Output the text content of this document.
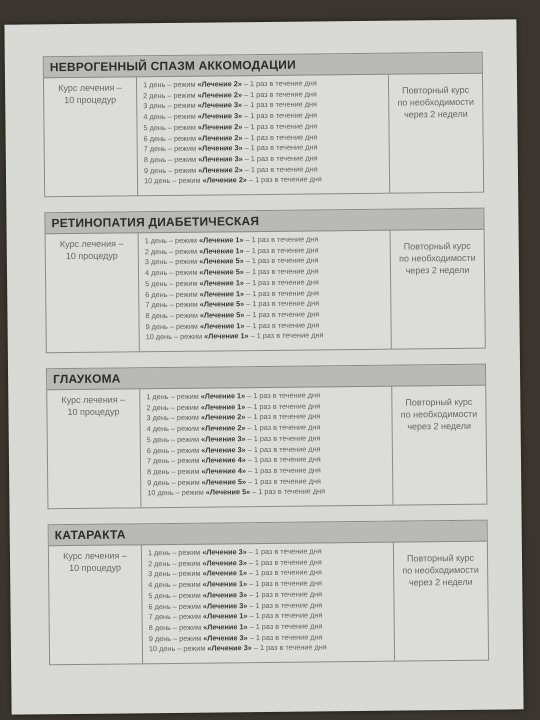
НЕВРОГЕННЫЙ СПАЗМ АККОМОДАЦИИ
Курс лечения –
10 процедур
1 день – режим «Лечение 2» – 1 раз в течение дня
2 день – режим «Лечение 2» – 1 раз в течение дня
3 день – режим «Лечение 3» – 1 раз в течение дня
4 день – режим «Лечение 3» – 1 раз в течение дня
5 день – режим «Лечение 2» – 1 раз в течение дня
6 день – режим «Лечение 2» – 1 раз в течение дня
7 день – режим «Лечение 3» – 1 раз в течение дня
8 день – режим «Лечение 3» – 1 раз в течение дня
9 день – режим «Лечение 2» – 1 раз в течение дня
10 день – режим «Лечение 2» – 1 раз в течение дня
Повторный курс
по необходимости
через 2 недели
РЕТИНОПАТИЯ ДИАБЕТИЧЕСКАЯ
Курс лечения –
10 процедур
1 день – режим «Лечение 1» – 1 раз в течение дня
2 день – режим «Лечение 1» – 1 раз в течение дня
3 день – режим «Лечение 5» – 1 раз в течение дня
4 день – режим «Лечение 5» – 1 раз в течение дня
5 день – режим «Лечение 1» – 1 раз в течение дня
6 день – режим «Лечение 1» – 1 раз в течение дня
7 день – режим «Лечение 5» – 1 раз в течение дня
8 день – режим «Лечение 5» – 1 раз в течение дня
9 день – режим «Лечение 1» – 1 раз в течение дня
10 день – режим «Лечение 1» – 1 раз в течение дня
Повторный курс
по необходимости
через 2 недели
ГЛАУКОМА
Курс лечения –
10 процедур
1 день – режим «Лечение 1» – 1 раз в течение дня
2 день – режим «Лечение 1» – 1 раз в течение дня
3 день – режим «Лечение 2» – 1 раз в течение дня
4 день – режим «Лечение 2» – 1 раз в течение дня
5 день – режим «Лечение 3» – 1 раз в течение дня
6 день – режим «Лечение 3» – 1 раз в течение дня
7 день – режим «Лечение 4» – 1 раз в течение дня
8 день – режим «Лечение 4» – 1 раз в течение дня
9 день – режим «Лечение 5» – 1 раз в течение дня
10 день – режим «Лечение 5» – 1 раз в течение дня
Повторный курс
по необходимости
через 2 недели
КАТАРАКТА
Курс лечения –
10 процедур
1 день – режим «Лечение 3» – 1 раз в течение дня
2 день – режим «Лечение 3» – 1 раз в течение дня
3 день – режим «Лечение 1» – 1 раз в течение дня
4 день – режим «Лечение 1» – 1 раз в течение дня
5 день – режим «Лечение 3» – 1 раз в течение дня
6 день – режим «Лечение 3» – 1 раз в течение дня
7 день – режим «Лечение 1» – 1 раз в течение дня
8 день – режим «Лечение 1» – 1 раз в течение дня
9 день – режим «Лечение 3» – 1 раз в течение дня
10 день – режим «Лечение 3» – 1 раз в течение дня
Повторный курс
по необходимости
через 2 недели
